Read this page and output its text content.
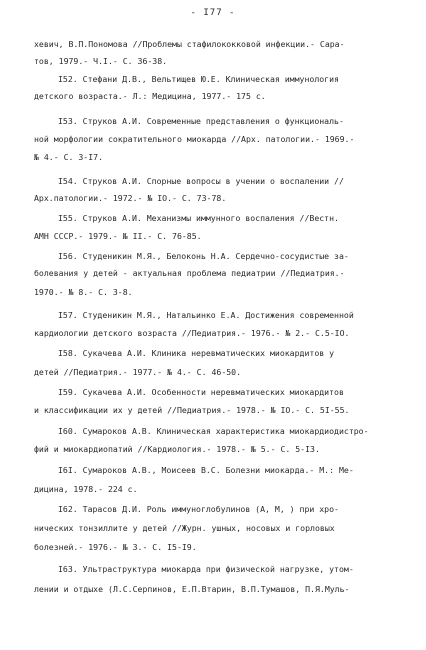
- I77 -
хевич, В.П.Пономова //Проблемы стафилококковой инфекции.- Сара-
тов, 1979.- Ч.I.- С. 36-38.
I52. Стефани Д.В., Вельтищев Ю.Е. Клиническая иммунология
детского возраста.- Л.: Медицина, 1977.- 175 с.
I53. Струков А.И. Современные представления о функциональ-
ной морфологии сократительного миокарда //Арх. патологии.- 1969.-
№ 4.- С. 3-I7.
I54. Струков А.И. Спорные вопросы в учении о воспалении //
Арх.патологии.- 1972.- № IO.- С. 73-78.
I55. Струков А.И. Механизмы иммунного воспаления //Вестн.
АМН СССР.- 1979.- № II.- С. 76-85.
I56. Студеникин М.Я., Белоконь Н.А. Сердечно-сосудистые за-
болевания у детей - актуальная проблема педиатрии //Педиатрия.-
1970.- № 8.- С. 3-8.
I57. Студеникин М.Я., Натальинко Е.А. Достижения современной
кардиологии детского возраста //Педиатрия.- 1976.- № 2.- С.5-IO.
I58. Сукачева А.И. Клиника неревматических миокардитов у
детей //Педиатрия.- 1977.- № 4.- С. 46-50.
I59. Сукачева А.И. Особенности неревматических миокардитов
и классификации их у детей //Педиатрия.- 1978.- № IO.- С. 5I-55.
I60. Сумароков А.В. Клиническая характеристика миокардиодистро-
фий и миокардиопатий //Кардиология.- 1978.- № 5.- С. 5-I3.
I6I. Сумароков А.В., Моисеев В.С. Болезни миокарда.- М.: Ме-
дицина, 1978.- 224 с.
I62. Тарасов Д.И. Роль иммуноглобулинов (А, М, ) при хро-
нических тонзиллите у детей //Журн. ушных, носовых и горловых
болезней.- 1976.- № 3.- С. I5-I9.
I63. Ультраструктура миокарда при физической нагрузке, утом-
лении и отдыхе (Л.С.Серпинов, Е.П.Втарин, В.П.Тумашов, П.Я.Муль-
